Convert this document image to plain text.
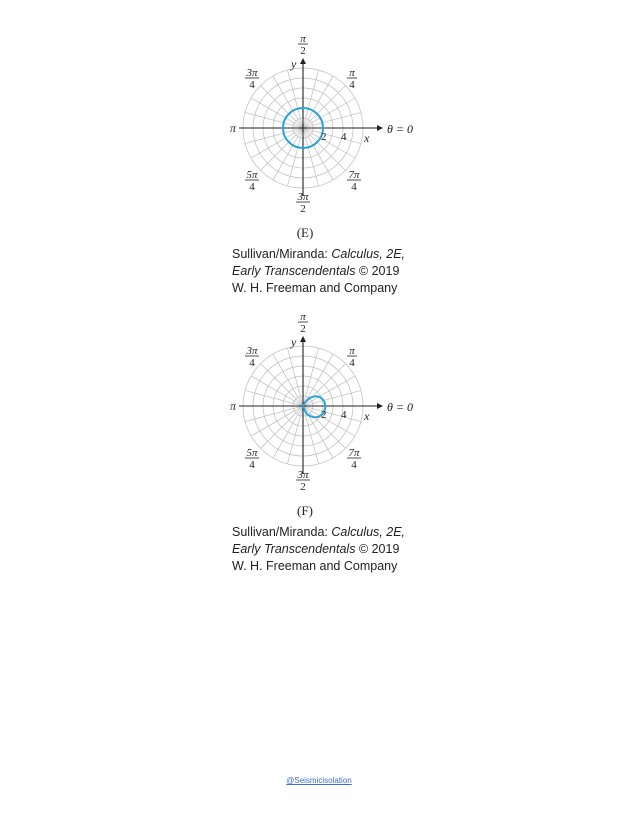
2 4 x
y
θ = 0
π
π
2
3π
4
π
4
5π
4
7π
4
3π
2
(E)
Sullivan/Miranda: Calculus, 2E,
Early Transcendentals © 2019
W. H. Freeman and Company
2 4 x
y
θ = 0
π
π
2
3π
4
π
4
5π
4
7π
4
3π
2
(F)
Sullivan/Miranda: Calculus, 2E,
Early Transcendentals © 2019
W. H. Freeman and Company
@Seismicisolation
